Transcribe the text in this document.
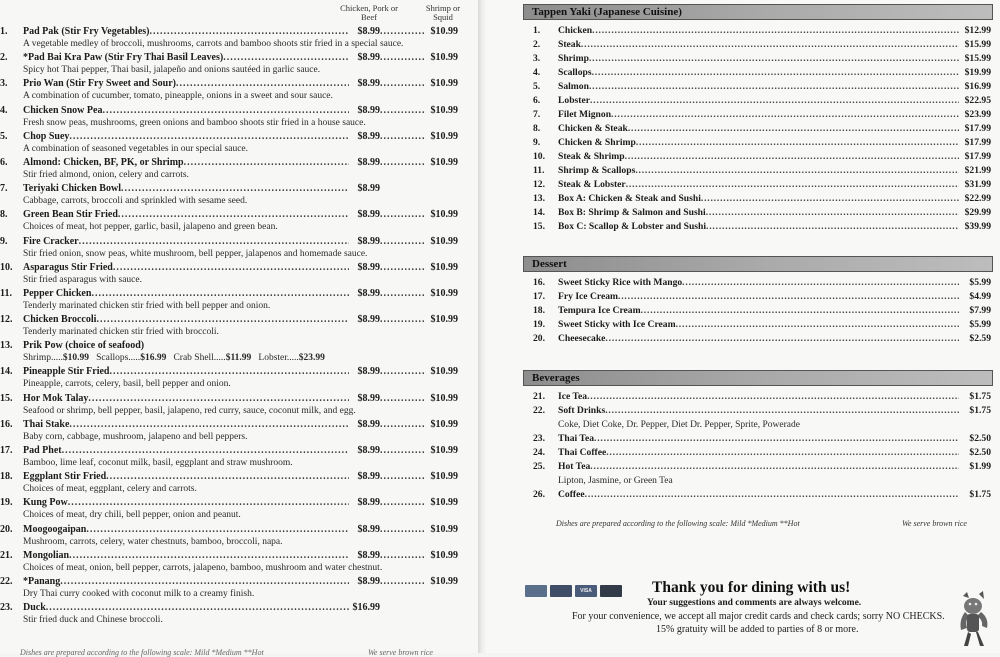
Chicken, Pork or Beef
Shrimp or Squid
1. Pad Pak (Stir Fry Vegetables) .....	$8.99 .....	$10.99
A vegetable medley of broccoli, mushrooms, carrots and bamboo shoots stir fried in a special sauce.
2. *Pad Bai Kra Paw (Stir Fry Thai Basil Leaves) .....	$8.99 .....	$10.99
Spicy hot Thai pepper, Thai basil, jalapeño and onions sautéed in garlic sauce.
3. Prio Wan (Stir Fry Sweet and Sour) .....	$8.99 .....	$10.99
A combination of cucumber, tomato, pineapple, onions in a sweet and sour sauce.
4. Chicken Snow Pea .....	$8.99 .....	$10.99
Fresh snow peas, mushrooms, green onions and bamboo shoots stir fried in a house sauce.
5. Chop Suey .....	$8.99 .....	$10.99
A combination of seasoned vegetables in our special sauce.
6. Almond: Chicken, BF, PK, or Shrimp .....	$8.99 .....	$10.99
Stir fried almond, onion, celery and carrots.
7. Teriyaki Chicken Bowl .....	$8.99
Cabbage, carrots, broccoli and sprinkled with sesame seed.
8. Green Bean Stir Fried .....	$8.99 .....	$10.99
Choices of meat, hot pepper, garlic, basil, jalapeno and green bean.
9. Fire Cracker .....	$8.99 .....	$10.99
Stir fried onion, snow peas, white mushroom, bell pepper, jalapenos and homemade sauce.
10. Asparagus Stir Fried .....	$8.99 .....	$10.99
Stir fried asparagus with sauce.
11. Pepper Chicken .....	$8.99 .....	$10.99
Tenderly marinated chicken stir fried with bell pepper and onion.
12. Chicken Broccoli .....	$8.99 .....	$10.99
Tenderly marinated chicken stir fried with broccoli.
13. Prik Pow (choice of seafood)
Shrimp.....$10.99 Scallops.....$16.99 Crab Shell.....$11.99 Lobster.....$23.99
14. Pineapple Stir Fried .....	$8.99 .....	$10.99
Pineapple, carrots, celery, basil, bell pepper and onion.
15. Hor Mok Talay .....	$8.99 .....	$10.99
Seafood or shrimp, bell pepper, basil, jalapeno, red curry, sauce, coconut milk, and egg.
16. Thai Stake .....	$8.99 .....	$10.99
Baby corn, cabbage, mushroom, jalapeno and bell peppers.
17. Pad Phet .....	$8.99 .....	$10.99
Bamboo, lime leaf, coconut milk, basil, eggplant and straw mushroom.
18. Eggplant Stir Fried .....	$8.99 .....	$10.99
Choices of meat, eggplant, celery and carrots.
19. Kung Pow .....	$8.99 .....	$10.99
Choices of meat, dry chili, bell pepper, onion and peanut.
20. Moogoogaipan .....	$8.99 .....	$10.99
Mushroom, carrots, celery, water chestnuts, bamboo, broccoli, napa.
21. Mongolian .....	$8.99 .....	$10.99
Choices of meat, onion, bell pepper, carrots, jalapeno, bamboo, mushroom and water chestnut.
22. *Panang .....	$8.99 .....	$10.99
Dry Thai curry cooked with coconut milk to a creamy finish.
23. Duck .....	$16.99
Stir fried duck and Chinese broccoli.
Dishes are prepared according to the following scale: Mild *Medium **Hot	We serve brown rice
Tappen Yaki (Japanese Cuisine)
1.	Chicken .....	$12.99
2.	Steak .....	$15.99
3.	Shrimp .....	$15.99
4.	Scallops .....	$19.99
5.	Salmon .....	$16.99
6.	Lobster .....	$22.95
7.	Filet Mignon .....	$23.99
8.	Chicken & Steak .....	$17.99
9.	Chicken & Shrimp .....	$17.99
10.	Steak & Shrimp .....	$17.99
11.	Shrimp & Scallops .....	$21.99
12.	Steak & Lobster .....	$31.99
13.	Box A: Chicken & Steak and Sushi .....	$22.99
14.	Box B: Shrimp & Salmon and Sushi .....	$29.99
15.	Box C: Scallop & Lobster and Sushi .....	$39.99
Dessert
16.	Sweet Sticky Rice with Mango .....	$5.99
17.	Fry Ice Cream .....	$4.99
18.	Tempura Ice Cream .....	$7.99
19.	Sweet Sticky with Ice Cream .....	$5.99
20.	Cheesecake .....	$2.59
Beverages
21.	Ice Tea .....	$1.75
22.	Soft Drinks .....	$1.75
Coke, Diet Coke, Dr. Pepper, Diet Dr. Pepper, Sprite, Powerade
23.	Thai Tea .....	$2.50
24.	Thai Coffee .....	$2.50
25.	Hot Tea .....	$1.99
Lipton, Jasmine, or Green Tea
26.	Coffee .....	$1.75
Dishes are prepared according to the following scale: Mild *Medium **Hot	We serve brown rice
VISA	Thank you for dining with us!
Your suggestions and comments are always welcome.
For your convenience, we accept all major credit cards and check cards; sorry NO CHECKS.
15% gratuity will be added to parties of 8 or more.
